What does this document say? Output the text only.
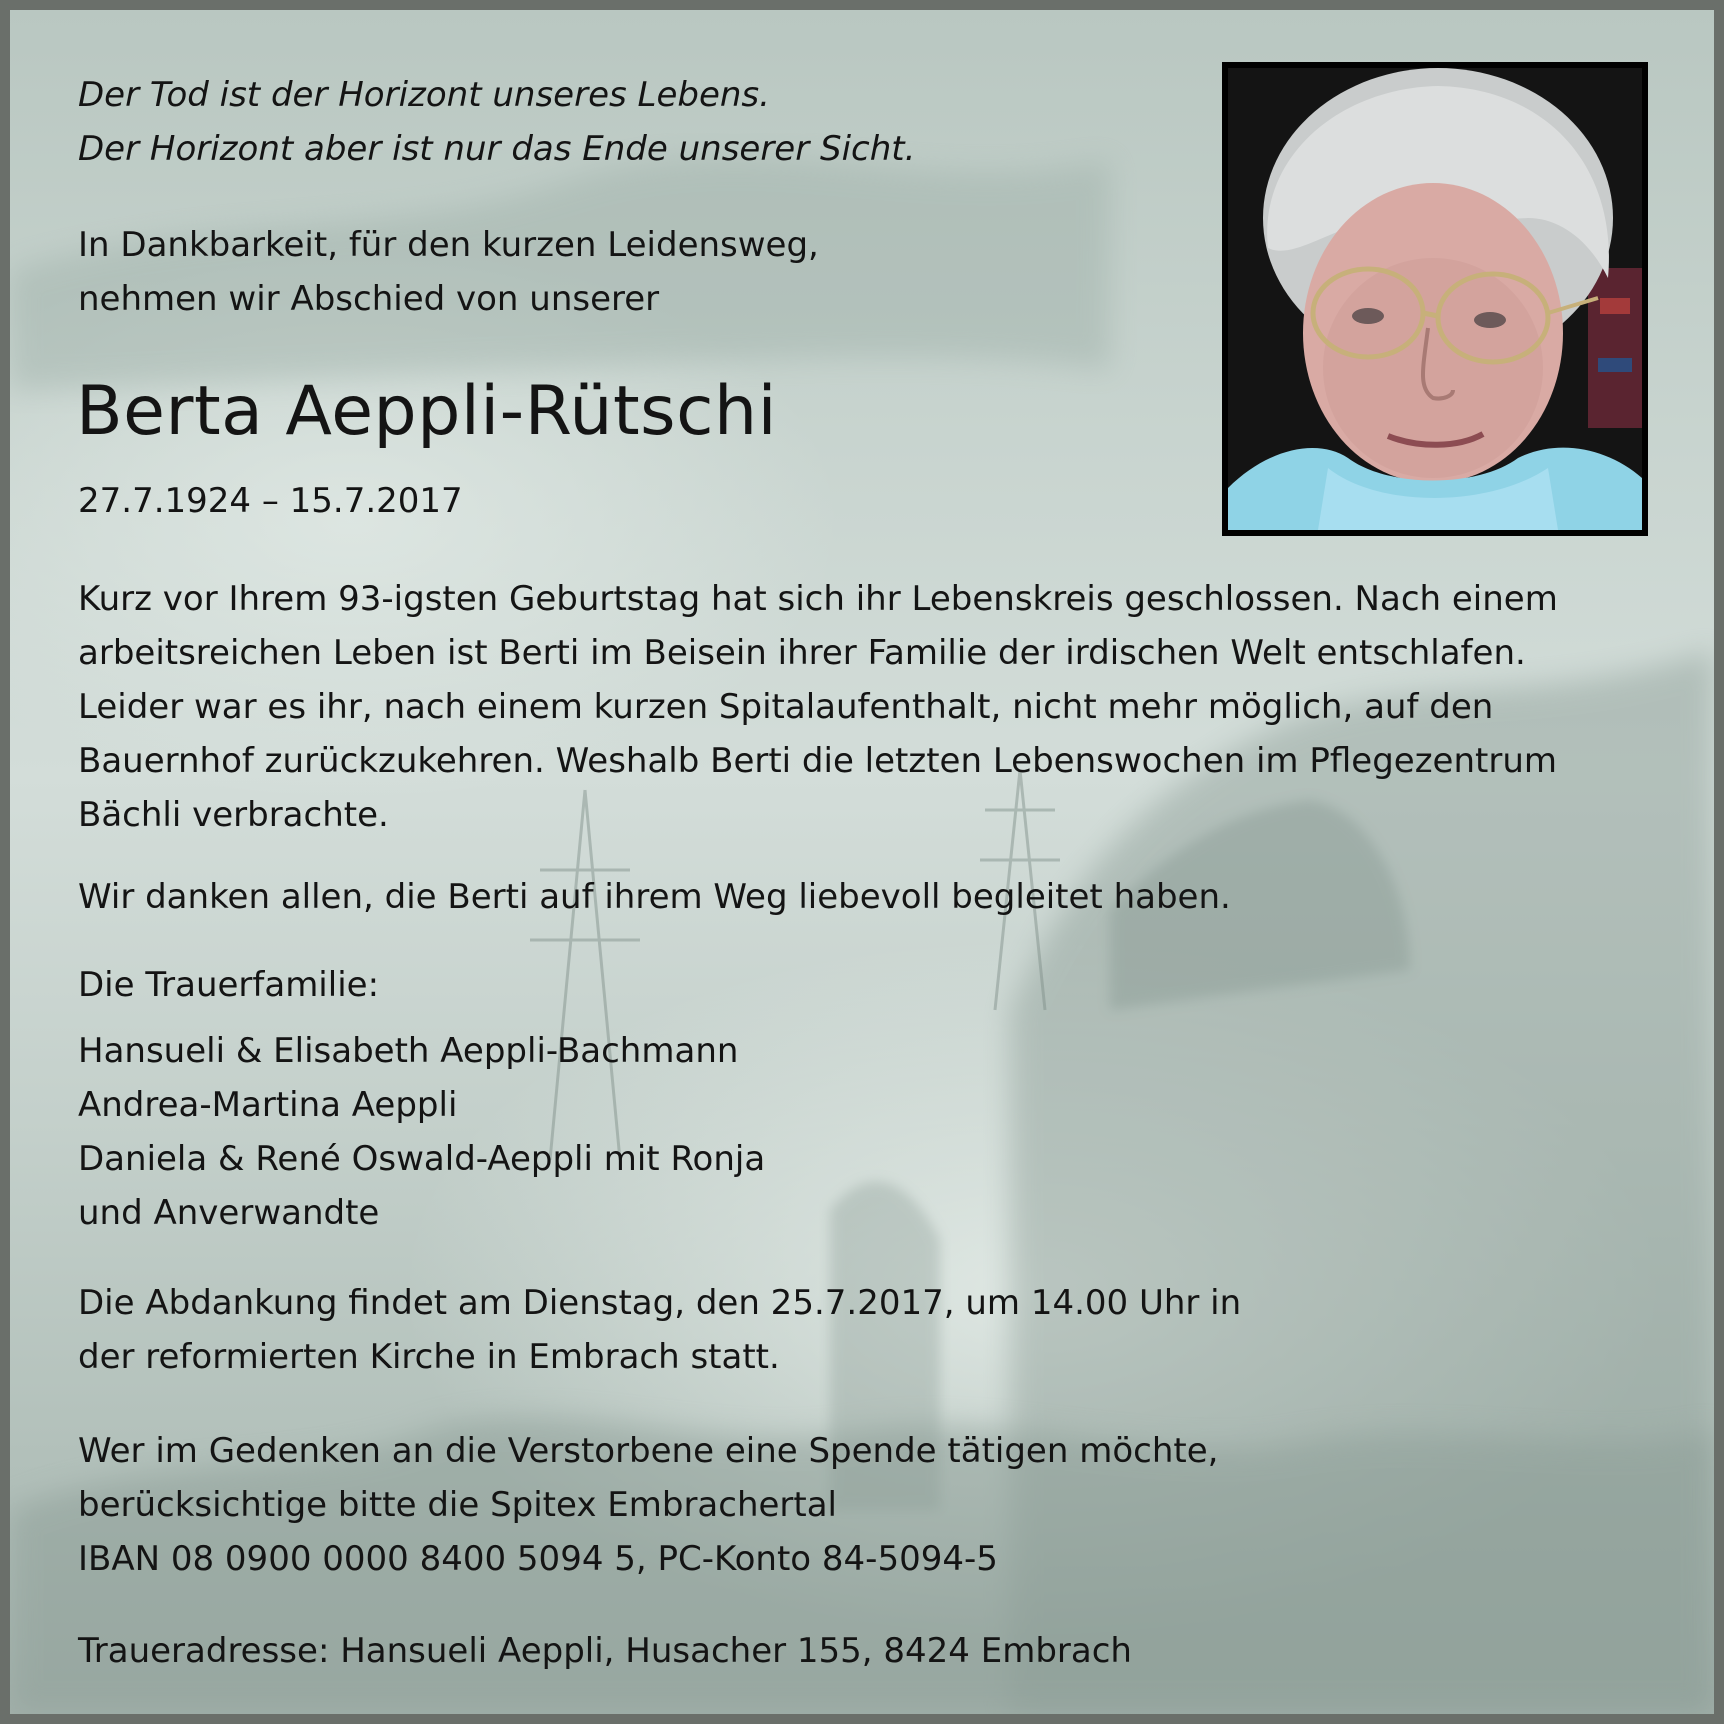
Der Tod ist der Horizont unseres Lebens.
Der Horizont aber ist nur das Ende unserer Sicht.

In Dankbarkeit, für den kurzen Leidensweg,
nehmen wir Abschied von unserer

Berta Aeppli-Rütschi

27.7.1924 – 15.7.2017

Kurz vor Ihrem 93-igsten Geburtstag hat sich ihr Lebenskreis geschlossen. Nach einem
arbeitsreichen Leben ist Berti im Beisein ihrer Familie der irdischen Welt entschlafen.
Leider war es ihr, nach einem kurzen Spitalaufenthalt, nicht mehr möglich, auf den
Bauernhof zurückzukehren. Weshalb Berti die letzten Lebenswochen im Pflegezentrum
Bächli verbrachte.

Wir danken allen, die Berti auf ihrem Weg liebevoll begleitet haben.

Die Trauerfamilie:

Hansueli & Elisabeth Aeppli-Bachmann
Andrea-Martina Aeppli
Daniela & René Oswald-Aeppli mit Ronja
und Anverwandte

Die Abdankung findet am Dienstag, den 25.7.2017, um 14.00 Uhr in
der reformierten Kirche in Embrach statt.

Wer im Gedenken an die Verstorbene eine Spende tätigen möchte,
berücksichtige bitte die Spitex Embrachertal
IBAN 08 0900 0000 8400 5094 5, PC-Konto 84-5094-5

Traueradresse: Hansueli Aeppli, Husacher 155, 8424 Embrach
